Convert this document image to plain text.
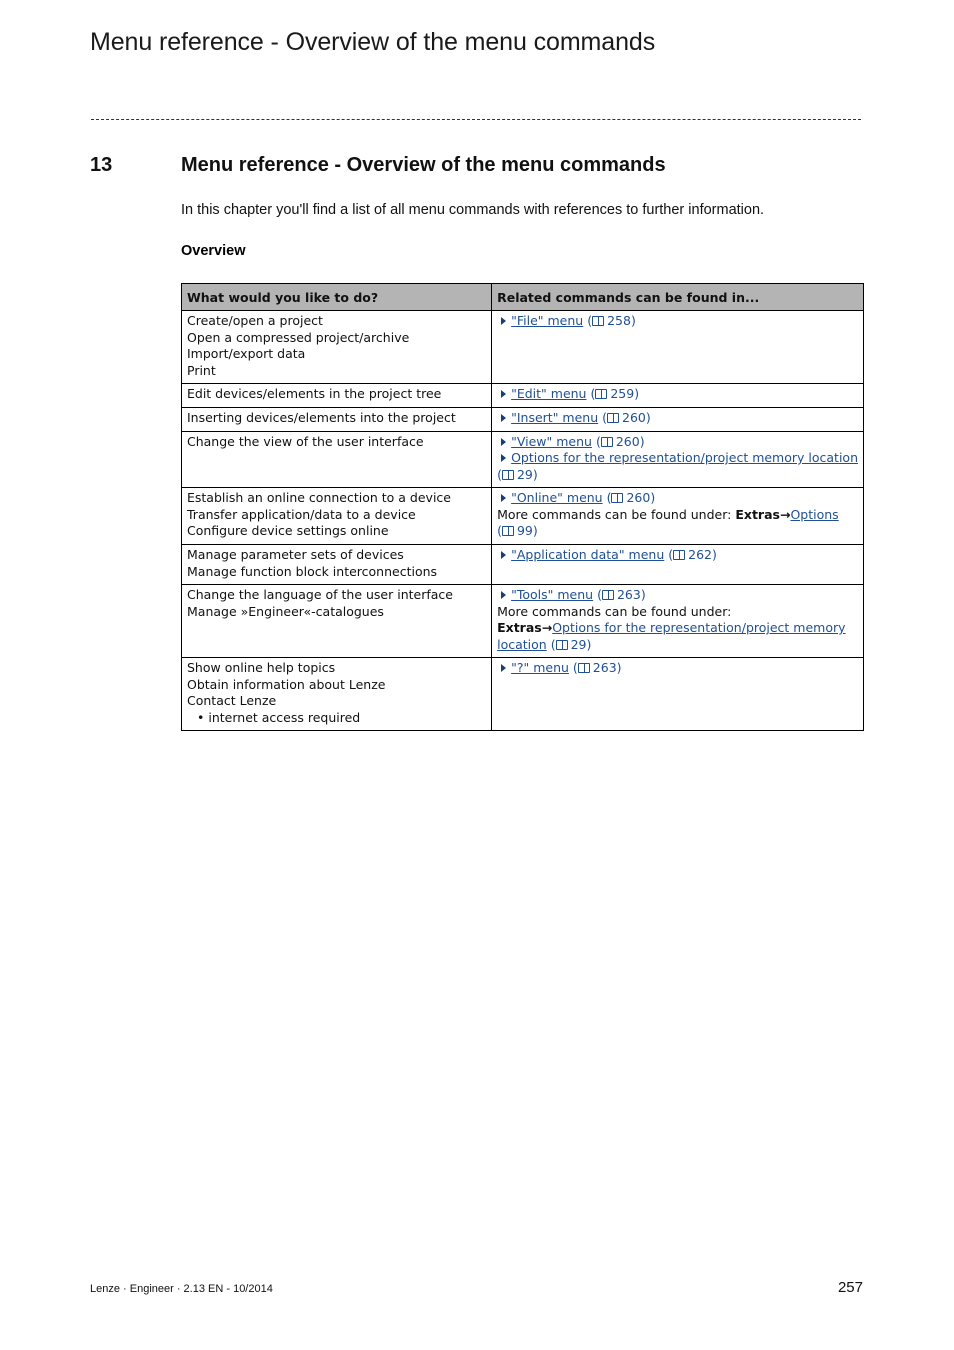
Menu reference - Overview of the menu commands
13	Menu reference - Overview of the menu commands
In this chapter you'll find a list of all menu commands with references to further information.
Overview
What would you like to do?	Related commands can be found in...

Create/open a project
Open a compressed project/archive
Import/export data
Print	"File" menu ( 258)

Edit devices/elements in the project tree	"Edit" menu ( 259)

Inserting devices/elements into the project	"Insert" menu ( 260)

Change the view of the user interface	"View" menu ( 260)
Options for the representation/project memory location
( 29)

Establish an online connection to a device
Transfer application/data to a device
Configure device settings online	"Online" menu ( 260)
More commands can be found under: Extras→Options
( 99)

Manage parameter sets of devices
Manage function block interconnections	"Application data" menu ( 262)

Change the language of the user interface
Manage »Engineer«-catalogues	"Tools" menu ( 263)
More commands can be found under:
Extras→Options for the representation/project memory
location ( 29)

Show online help topics
Obtain information about Lenze
Contact Lenze
• internet access required	"?" menu ( 263)
Lenze · Engineer · 2.13 EN - 10/2014	257
